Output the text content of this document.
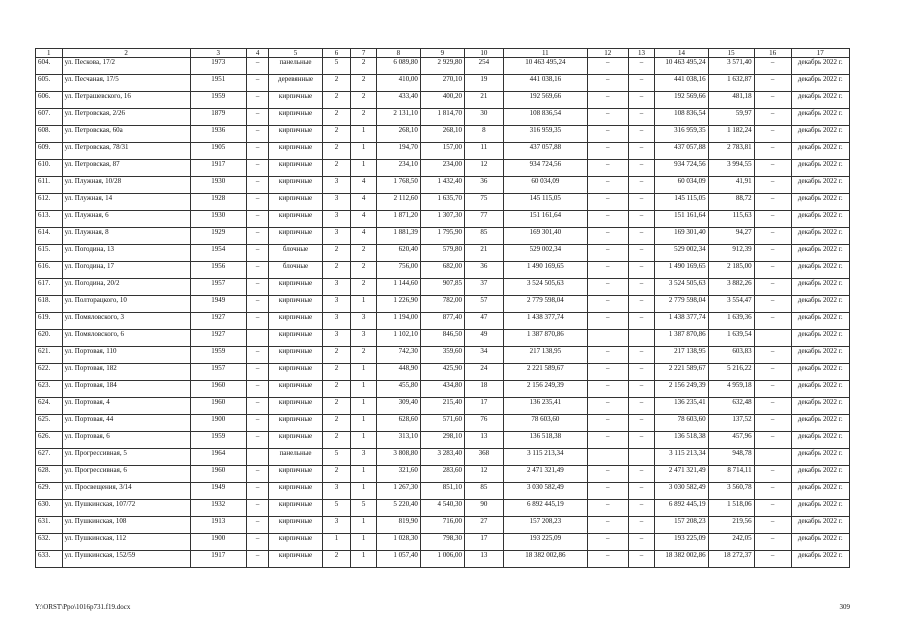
1	2	3	4	5	6	7	8	9	10	11	12	13	14	15	16	17
604.	ул. Пескова, 17/2	1973	–	панельные	5	2	6 089,80	2 929,80	254	10 463 495,24	–	–	10 463 495,24	3 571,40	–	декабрь 2022 г.
605.	ул. Песчаная, 17/5	1951	–	деревянные	2	2	410,00	270,10	19	441 038,16	–	–	441 038,16	1 632,87	–	декабрь 2022 г.
606.	ул. Петрашевского, 16	1959	–	кирпичные	2	2	433,40	400,20	21	192 569,66	–	–	192 569,66	481,18	–	декабрь 2022 г.
607.	ул. Петровская, 2/26	1879	–	кирпичные	2	2	2 131,10	1 814,70	30	108 836,54	–	–	108 836,54	59,97	–	декабрь 2022 г.
608.	ул. Петровская, 60а	1936	–	кирпичные	2	1	268,10	268,10	8	316 959,35	–	–	316 959,35	1 182,24	–	декабрь 2022 г.
609.	ул. Петровская, 78/31	1905	–	кирпичные	2	1	194,70	157,00	11	437 057,88	–	–	437 057,88	2 783,81	–	декабрь 2022 г.
610.	ул. Петровская, 87	1917	–	кирпичные	2	1	234,10	234,00	12	934 724,56	–	–	934 724,56	3 994,55	–	декабрь 2022 г.
611.	ул. Плужная, 10/28	1930	–	кирпичные	3	4	1 768,50	1 432,40	36	60 034,09	–	–	60 034,09	41,91	–	декабрь 2022 г.
612.	ул. Плужная, 14	1928	–	кирпичные	3	4	2 112,60	1 635,70	75	145 115,05	–	–	145 115,05	88,72	–	декабрь 2022 г.
613.	ул. Плужная, 6	1930	–	кирпичные	3	4	1 871,20	1 307,30	77	151 161,64	–	–	151 161,64	115,63	–	декабрь 2022 г.
614.	ул. Плужная, 8	1929	–	кирпичные	3	4	1 881,39	1 795,90	85	169 301,40	–	–	169 301,40	94,27	–	декабрь 2022 г.
615.	ул. Погодина, 13	1954	–	блочные	2	2	620,40	579,80	21	529 002,34	–	–	529 002,34	912,39	–	декабрь 2022 г.
616.	ул. Погодина, 17	1956	–	блочные	2	2	756,00	682,00	36	1 490 169,65	–	–	1 490 169,65	2 185,00	–	декабрь 2022 г.
617.	ул. Погодина, 20/2	1957	–	кирпичные	3	2	1 144,60	907,85	37	3 524 505,63	–	–	3 524 505,63	3 882,26	–	декабрь 2022 г.
618.	ул. Полторацкого, 10	1949	–	кирпичные	3	1	1 226,90	782,00	57	2 779 598,04	–	–	2 779 598,04	3 554,47	–	декабрь 2022 г.
619.	ул. Помяловского, 3	1927	–	кирпичные	3	3	1 194,00	877,40	47	1 438 377,74	–	–	1 438 377,74	1 639,36	–	декабрь 2022 г.
620.	ул. Помяловского, 6	1927		кирпичные	3	3	1 102,10	846,50	49	1 387 870,86			1 387 870,86	1 639,54		декабрь 2022 г.
621.	ул. Портовая, 110	1959	–	кирпичные	2	2	742,30	359,60	34	217 138,95	–	–	217 138,95	603,83	–	декабрь 2022 г.
622.	ул. Портовая, 182	1957	–	кирпичные	2	1	448,90	425,90	24	2 221 589,67	–	–	2 221 589,67	5 216,22	–	декабрь 2022 г.
623.	ул. Портовая, 184	1960	–	кирпичные	2	1	455,80	434,80	18	2 156 249,39	–	–	2 156 249,39	4 959,18	–	декабрь 2022 г.
624.	ул. Портовая, 4	1960	–	кирпичные	2	1	309,40	215,40	17	136 235,41	–	–	136 235,41	632,48	–	декабрь 2022 г.
625.	ул. Портовая, 44	1900	–	кирпичные	2	1	628,60	571,60	76	78 603,60	–	–	78 603,60	137,52	–	декабрь 2022 г.
626.	ул. Портовая, 6	1959	–	кирпичные	2	1	313,10	298,10	13	136 518,38	–	–	136 518,38	457,96	–	декабрь 2022 г.
627.	ул. Прогрессивная, 5	1964		панельные	5	3	3 808,80	3 283,40	368	3 115 213,34			3 115 213,34	948,78		декабрь 2022 г.
628.	ул. Прогрессивная, 6	1960	–	кирпичные	2	1	321,60	283,60	12	2 471 321,49	–	–	2 471 321,49	8 714,11	–	декабрь 2022 г.
629.	ул. Просвещения, 3/14	1949	–	кирпичные	3	1	1 267,30	851,10	85	3 030 582,49	–	–	3 030 582,49	3 560,78	–	декабрь 2022 г.
630.	ул. Пушкинская, 107/72	1932	–	кирпичные	5	5	5 220,40	4 540,30	90	6 892 445,19	–	–	6 892 445,19	1 518,06	–	декабрь 2022 г.
631.	ул. Пушкинская, 108	1913	–	кирпичные	3	1	819,90	716,00	27	157 208,23	–	–	157 208,23	219,56	–	декабрь 2022 г.
632.	ул. Пушкинская, 112	1900	–	кирпичные	1	1	1 028,30	798,30	17	193 225,09	–	–	193 225,09	242,05	–	декабрь 2022 г.
633.	ул. Пушкинская, 152/59	1917	–	кирпичные	2	1	1 057,40	1 006,00	13	18 382 002,86	–	–	18 382 002,86	18 272,37	–	декабрь 2022 г.
Y:\ORST\Ppo\1016p731.f19.docx	309
